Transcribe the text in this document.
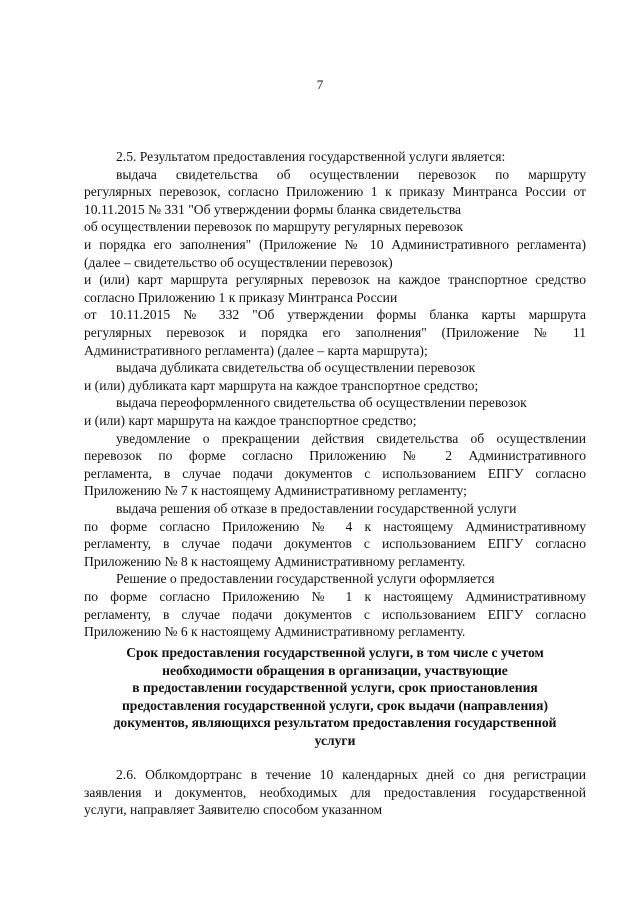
7
2.5. Результатом предоставления государственной услуги является:
выдача свидетельства об осуществлении перевозок по маршруту
регулярных перевозок, согласно Приложению 1 к приказу Минтранса России от
10.11.2015 № 331 "Об утверждении формы бланка свидетельства
об осуществлении перевозок по маршруту регулярных перевозок
и порядка его заполнения" (Приложение № 10 Административного регламента)
(далее – свидетельство об осуществлении перевозок)
и (или) карт маршрута регулярных перевозок на каждое транспортное средство
согласно Приложению 1 к приказу Минтранса России
от 10.11.2015 № 332 "Об утверждении формы бланка карты маршрута
регулярных перевозок и порядка его заполнения" (Приложение № 11
Административного регламента) (далее – карта маршрута);
выдача дубликата свидетельства об осуществлении перевозок
и (или) дубликата карт маршрута на каждое транспортное средство;
выдача переоформленного свидетельства об осуществлении перевозок
и (или) карт маршрута на каждое транспортное средство;
уведомление о прекращении действия свидетельства об осуществлении
перевозок по форме согласно Приложению № 2 Административного
регламента, в случае подачи документов с использованием ЕПГУ согласно
Приложению № 7 к настоящему Административному регламенту;
выдача решения об отказе в предоставлении государственной услуги
по форме согласно Приложению № 4 к настоящему Административному
регламенту, в случае подачи документов с использованием ЕПГУ согласно
Приложению № 8 к настоящему Административному регламенту.
Решение о предоставлении государственной услуги оформляется
по форме согласно Приложению № 1 к настоящему Административному
регламенту, в случае подачи документов с использованием ЕПГУ согласно
Приложению № 6 к настоящему Административному регламенту.
Срок предоставления государственной услуги, в том числе с учетом
необходимости обращения в организации, участвующие
в предоставлении государственной услуги, срок приостановления
предоставления государственной услуги, срок выдачи (направления)
документов, являющихся результатом предоставления государственной
услуги
2.6. Облкомдортранс в течение 10 календарных дней со дня регистрации
заявления и документов, необходимых для предоставления государственной
услуги, направляет Заявителю способом указанном
